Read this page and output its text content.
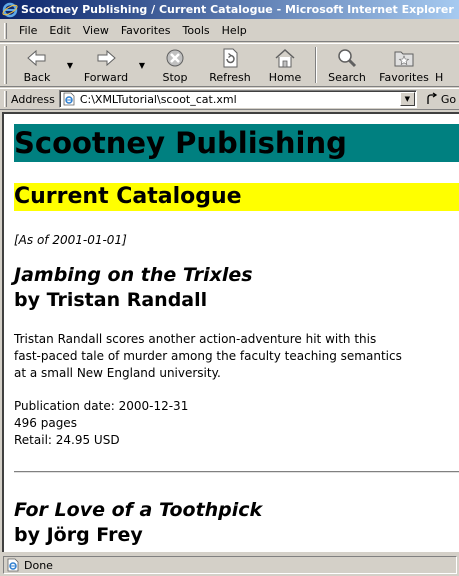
Scootney Publishing / Current Catalogue - Microsoft Internet Explorer
File	Edit	View	Favorites	Tools	Help
Back
▼
Forward
▼
Stop Refresh Home Search Favorites H
Address C:\XMLTutorial\scoot_cat.xml	▼	Go
Scootney Publishing
Current Catalogue
[As of 2001-01-01]
Jambing on the Trixles
by Tristan Randall
Tristan Randall scores another action-adventure hit with this fast-paced tale of murder among the faculty teaching semantics at a small New England university.
Publication date: 2000-12-31
496 pages
Retail: 24.95 USD
For Love of a Toothpick
by Jörg Frey
Done
